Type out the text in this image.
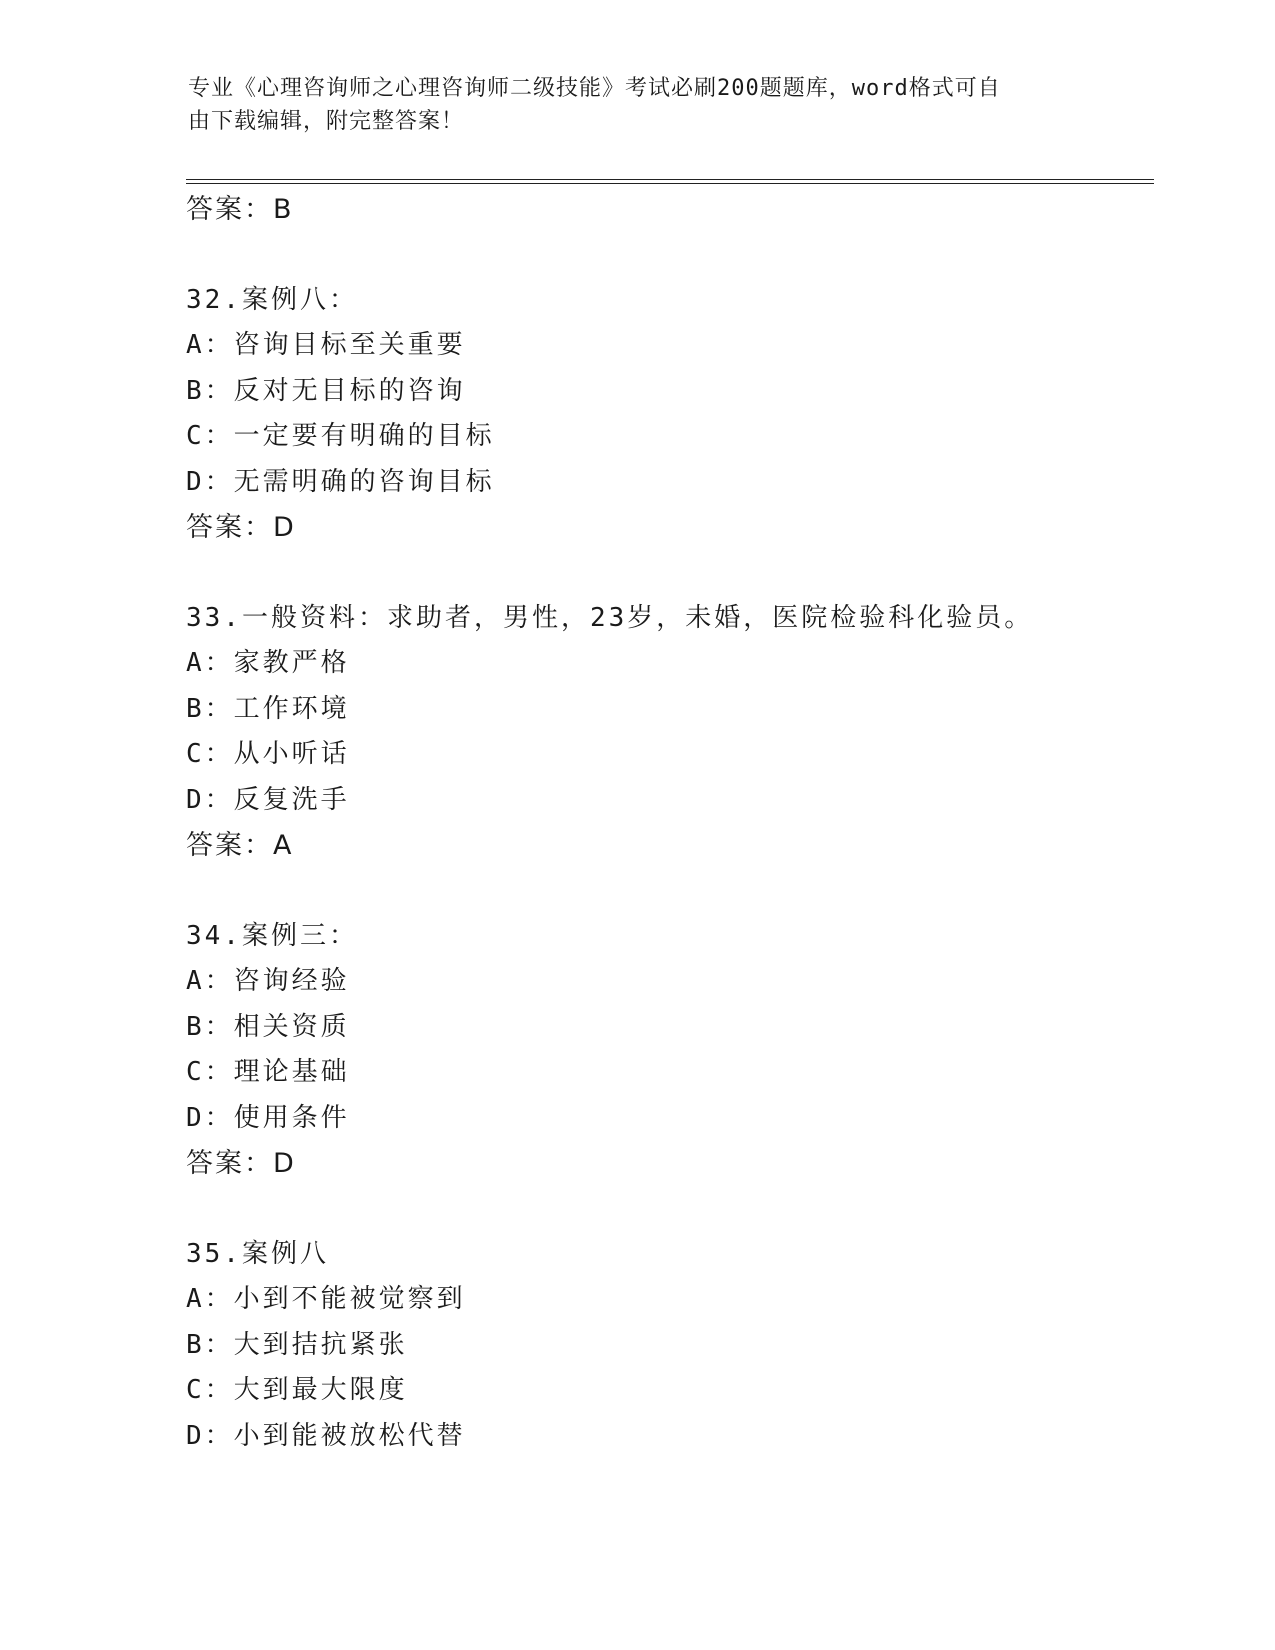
专业《心理咨询师之心理咨询师二级技能》考试必刷200题题库，word格式可自
由下载编辑，附完整答案！
答案：B
32.案例八：
A：咨询目标至关重要
B：反对无目标的咨询
C：一定要有明确的目标
D：无需明确的咨询目标
答案：D
33.一般资料：求助者，男性，23岁，未婚，医院检验科化验员。
A：家教严格
B：工作环境
C：从小听话
D：反复洗手
答案：A
34.案例三：
A：咨询经验
B：相关资质
C：理论基础
D：使用条件
答案：D
35.案例八
A：小到不能被觉察到
B：大到拮抗紧张
C：大到最大限度
D：小到能被放松代替
